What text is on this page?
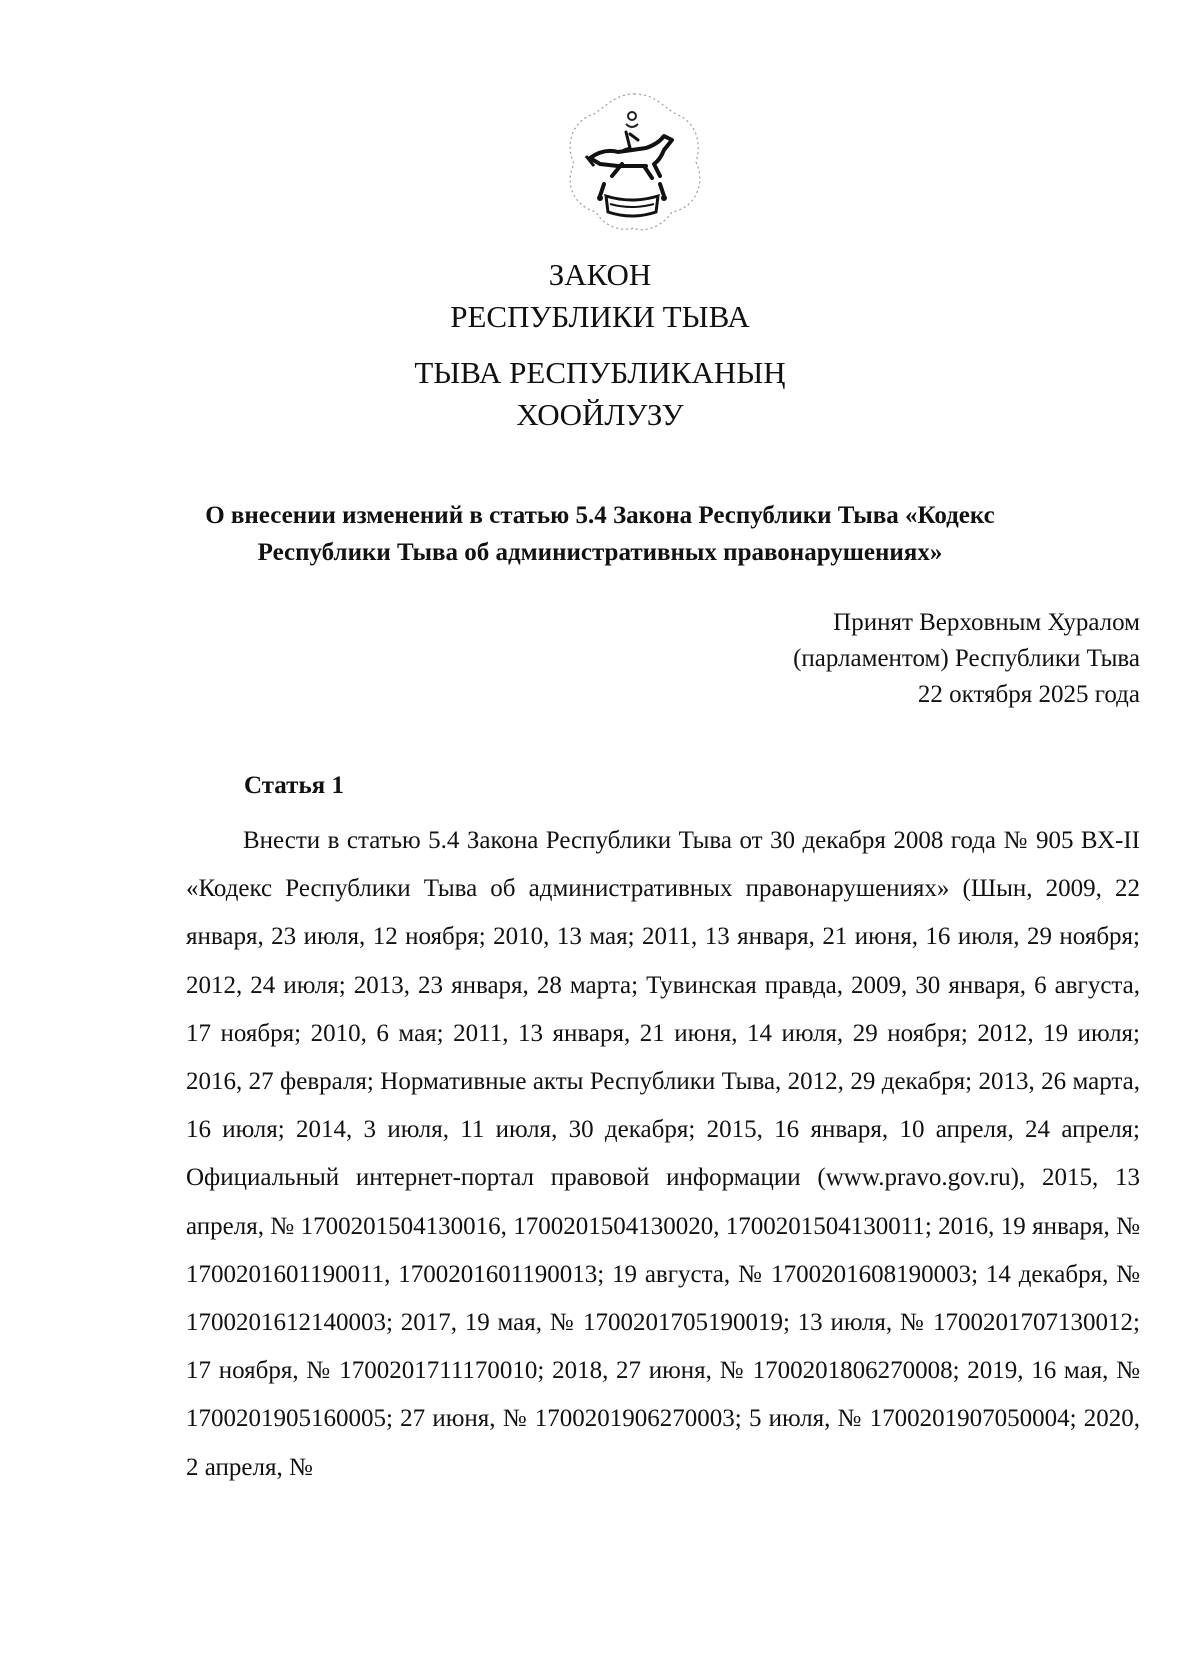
ЗАКОН
РЕСПУБЛИКИ ТЫВА
ТЫВА РЕСПУБЛИКАНЫҢ
ХООЙЛУЗУ
О внесении изменений в статью 5.4 Закона Республики Тыва «Кодекс
Республики Тыва об административных правонарушениях»
Принят Верховным Хуралом
(парламентом) Республики Тыва
22 октября 2025 года
Статья 1

Внести в статью 5.4 Закона Республики Тыва от 30 декабря 2008 года № 905 ВХ-II «Кодекс Республики Тыва об административных правонарушениях» (Шын, 2009, 22 января, 23 июля, 12 ноября; 2010, 13 мая; 2011, 13 января, 21 июня, 16 июля, 29 ноября; 2012, 24 июля; 2013, 23 января, 28 марта; Тувинская правда, 2009, 30 января, 6 августа, 17 ноября; 2010, 6 мая; 2011, 13 января, 21 июня, 14 июля, 29 ноября; 2012, 19 июля; 2016, 27 февраля; Нормативные акты Республики Тыва, 2012, 29 декабря; 2013, 26 марта, 16 июля; 2014, 3 июля, 11 июля, 30 декабря; 2015, 16 января, 10 апреля, 24 апреля; Официальный интернет-портал правовой информации (www.pravo.gov.ru), 2015, 13 апреля, № 1700201504130016, 1700201504130020, 1700201504130011; 2016, 19 января, № 1700201601190011, 1700201601190013; 19 августа, № 1700201608190003; 14 декабря, № 1700201612140003; 2017, 19 мая, № 1700201705190019; 13 июля, № 1700201707130012; 17 ноября, № 1700201711170010; 2018, 27 июня, № 1700201806270008; 2019, 16 мая, № 1700201905160005; 27 июня, № 1700201906270003; 5 июля, № 1700201907050004; 2020, 2 апреля, №
